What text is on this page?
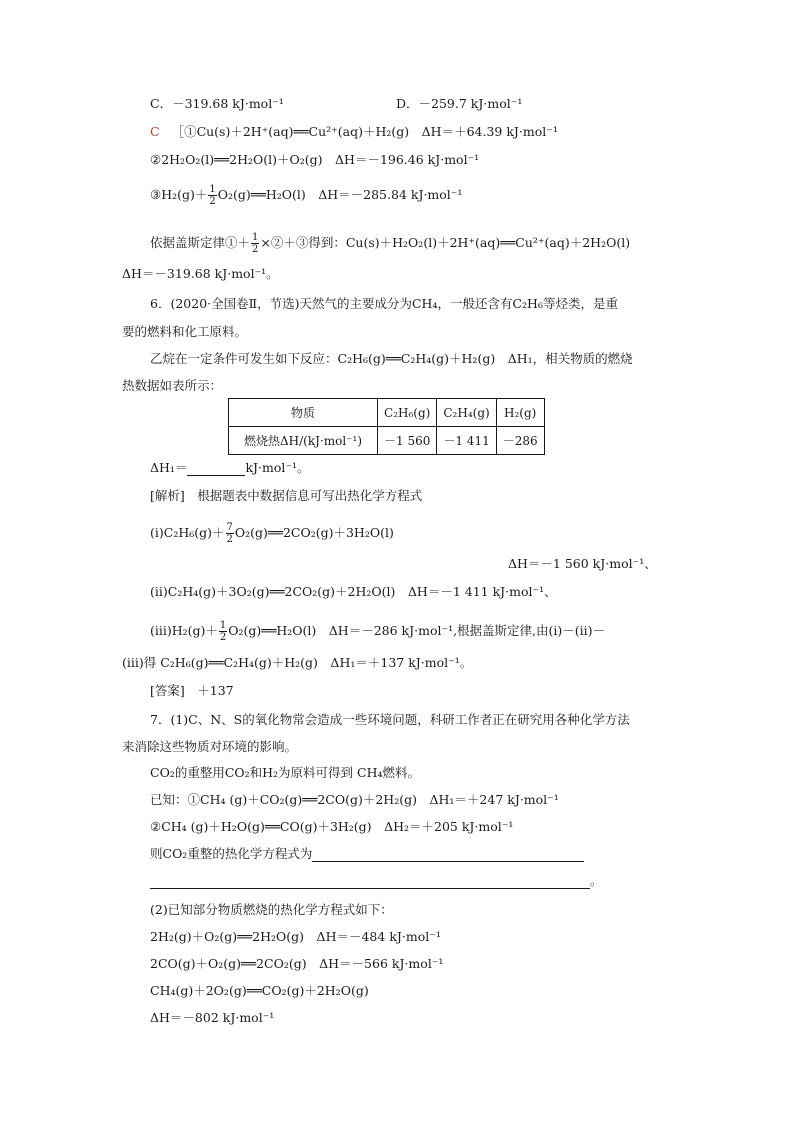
C．－319.68 kJ·mol⁻¹	D．－259.7 kJ·mol⁻¹
C ［①Cu(s)＋2H⁺(aq)══Cu²⁺(aq)＋H₂(g)　ΔH＝＋64.39 kJ·mol⁻¹
②2H₂O₂(l)══2H₂O(l)＋O₂(g)　ΔH＝－196.46 kJ·mol⁻¹
③H₂(g)＋ $\frac{1}{2}$ O₂(g)══H₂O(l)　ΔH＝－285.84 kJ·mol⁻¹
依据盖斯定律①＋ $\frac{1}{2}$ ×②＋③得到：Cu(s)＋H₂O₂(l)＋2H⁺(aq)══Cu²⁺(aq)＋2H₂O(l)
ΔH＝－319.68 kJ·mol⁻¹。
6．(2020·全国卷Ⅱ，节选)天然气的主要成分为CH₄，一般还含有C₂H₆等烃类，是重
要的燃料和化工原料。
乙烷在一定条件可发生如下反应：C₂H₆(g)══C₂H₄(g)＋H₂(g)　ΔH₁，相关物质的燃烧
热数据如表所示：
物质	C₂H₆(g)	C₂H₄(g)	H₂(g)
燃烧热ΔH/(kJ·mol⁻¹)	－1 560	－1 411	－286
ΔH₁＝	kJ·mol⁻¹。
[解析]　根据题表中数据信息可写出热化学方程式
(ⅰ)C₂H₆(g)＋ $\frac{7}{2}$ O₂(g)══2CO₂(g)＋3H₂O(l)
ΔH＝－1 560 kJ·mol⁻¹、
(ⅱ)C₂H₄(g)＋3O₂(g)══2CO₂(g)＋2H₂O(l)　ΔH＝－1 411 kJ·mol⁻¹、
(ⅲ)H₂(g)＋ $\frac{1}{2}$ O₂(g)══H₂O(l)　ΔH＝－286 kJ·mol⁻¹,根据盖斯定律,由(ⅰ)－(ⅱ)－
(ⅲ)得 C₂H₆(g)══C₂H₄(g)＋H₂(g)　ΔH₁＝＋137 kJ·mol⁻¹。
[答案]　＋137
7．(1)C、N、S的氧化物常会造成一些环境问题，科研工作者正在研究用各种化学方法
来消除这些物质对环境的影响。
CO₂的重整用CO₂和H₂为原料可得到 CH₄燃料。
已知：①CH₄ (g)＋CO₂(g)══2CO(g)＋2H₂(g)　ΔH₁＝＋247 kJ·mol⁻¹
②CH₄ (g)＋H₂O(g)══CO(g)＋3H₂(g)　ΔH₂＝＋205 kJ·mol⁻¹
则CO₂重整的热化学方程式为
。
(2)已知部分物质燃烧的热化学方程式如下：
2H₂(g)＋O₂(g)══2H₂O(g)　ΔH＝－484 kJ·mol⁻¹
2CO(g)＋O₂(g)══2CO₂(g)　ΔH＝－566 kJ·mol⁻¹
CH₄(g)＋2O₂(g)══CO₂(g)＋2H₂O(g)
ΔH＝－802 kJ·mol⁻¹
